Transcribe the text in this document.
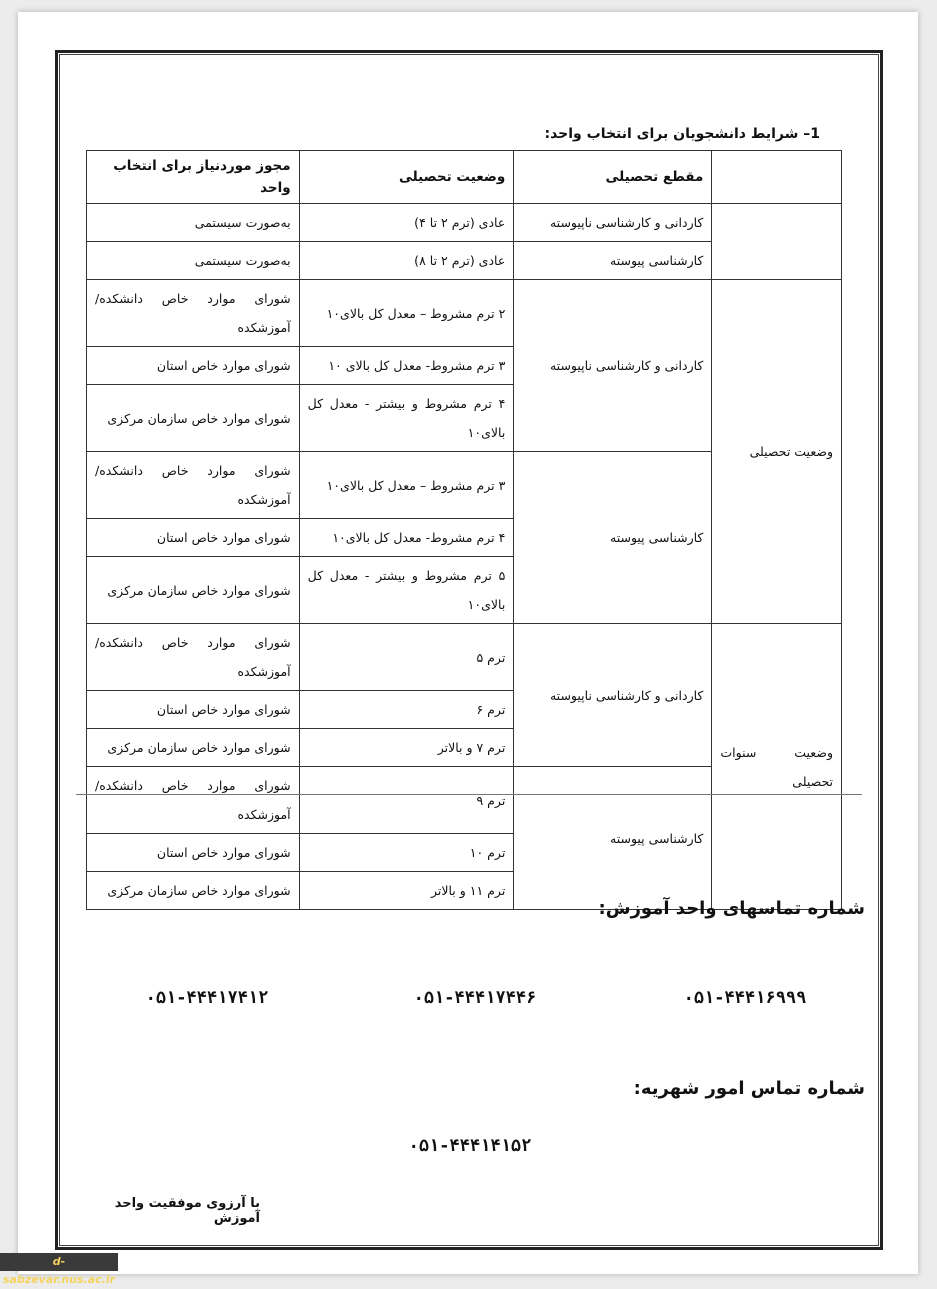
1– شرایط دانشجویان برای انتخاب واحد:
	مقطع تحصیلی	وضعیت تحصیلی	مجوز موردنیاز برای انتخاب واحد
	کاردانی و کارشناسی ناپیوسته	عادی (ترم ۲ تا ۴)	به‌صورت سیستمی
	کارشناسی پیوسته	عادی (ترم ۲ تا ۸)	به‌صورت سیستمی
وضعیت تحصیلی	کاردانی و کارشناسی ناپیوسته	۲ ترم مشروط – معدل کل بالای۱۰	شورای موارد خاص دانشکده/ آموزشکده
		۳ ترم مشروط- معدل کل بالای ۱۰	شورای موارد خاص استان
		۴ ترم مشروط و بیشتر - معدل کل بالای۱۰	شورای موارد خاص سازمان مرکزی
	کارشناسی پیوسته	۳ ترم مشروط – معدل کل بالای۱۰	شورای موارد خاص دانشکده/ آموزشکده
		۴ ترم مشروط- معدل کل بالای۱۰	شورای موارد خاص استان
		۵ ترم مشروط و بیشتر - معدل کل بالای۱۰	شورای موارد خاص سازمان مرکزی
وضعیت سنوات تحصیلی	کاردانی و کارشناسی ناپیوسته	ترم ۵	شورای موارد خاص دانشکده/ آموزشکده
		ترم ۶	شورای موارد خاص استان
		ترم ۷ و بالاتر	شورای موارد خاص سازمان مرکزی
	کارشناسی پیوسته	ترم ۹	شورای موارد خاص دانشکده/ آموزشکده
		ترم ۱۰	شورای موارد خاص استان
		ترم ۱۱ و بالاتر	شورای موارد خاص سازمان مرکزی
شماره تماسهای واحد آموزش:
۰۵۱-۴۴۴۱۶۹۹۹
۰۵۱-۴۴۴۱۷۴۴۶
۰۵۱-۴۴۴۱۷۴۱۲
شماره تماس امور شهریه:
۰۵۱-۴۴۴۱۴۱۵۲
با آرزوی موفقیت واحد آموزش
d-sabzevar.nus.ac.ir
